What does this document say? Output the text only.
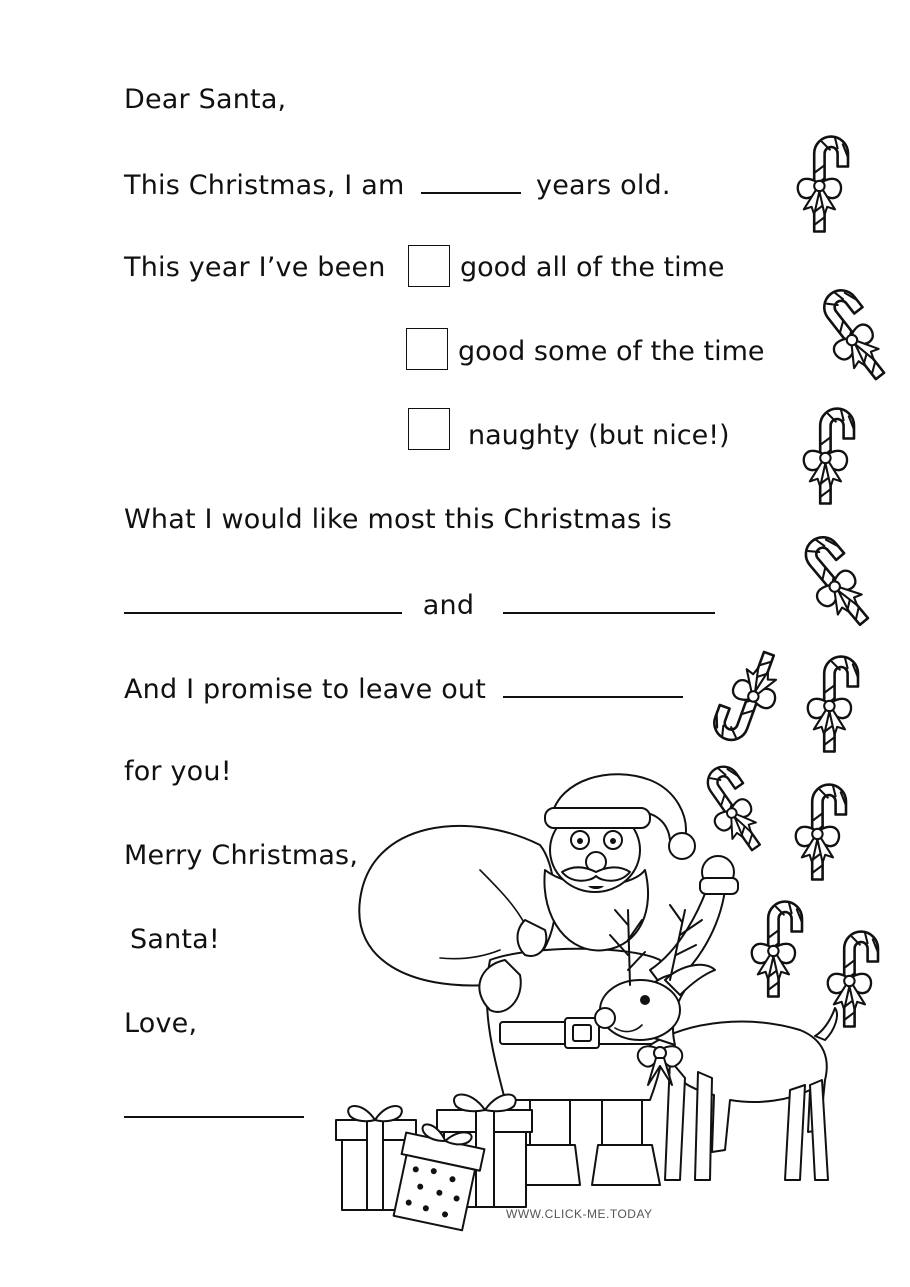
Dear Santa,
This Christmas, I am	years old.
This year I’ve been	good all of the time
good some of the time
naughty (but nice!)
What I would like most this Christmas is
and
And I promise to leave out
for you!
Merry Christmas,
Santa!
Love,
WWW.CLICK-ME.TODAY
